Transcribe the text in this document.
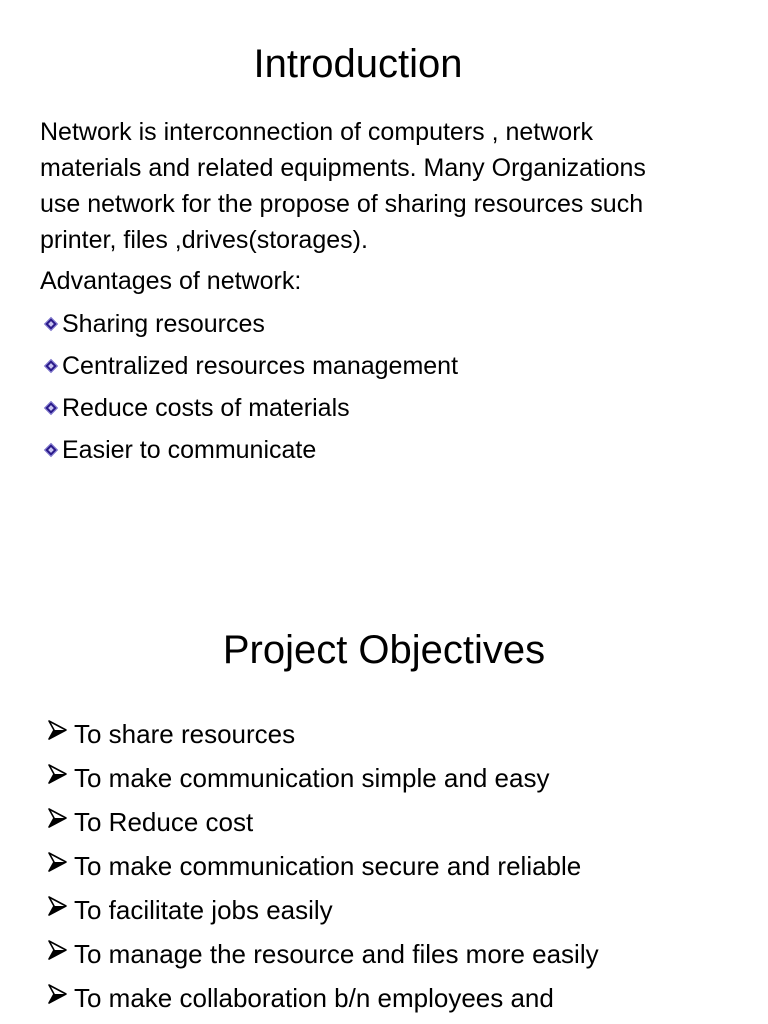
Introduction
Network is interconnection of computers , network
materials and related equipments. Many Organizations
use network for the propose of sharing resources such
printer, files ,drives(storages).
Advantages of network:
Sharing resources
Centralized resources management
Reduce costs of materials
Easier to communicate
Project Objectives
To share resources
To make communication simple and easy
To Reduce cost
To make communication secure and reliable
To facilitate jobs easily
To manage the resource and files more easily
To make collaboration b/n employees and
